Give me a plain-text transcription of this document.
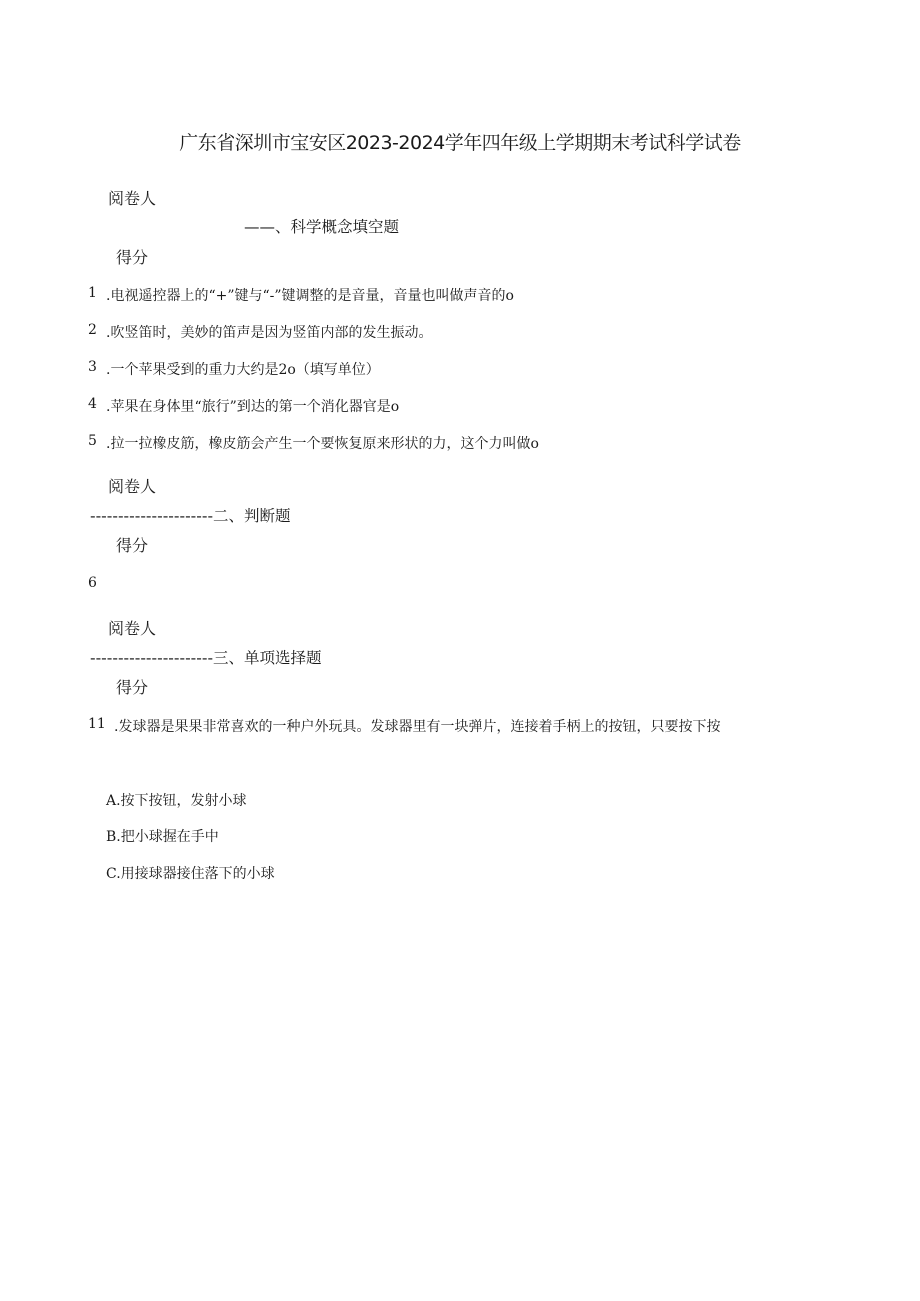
广东省深圳市宝安区2023-2024学年四年级上学期期末考试科学试卷
阅卷人
——、科学概念填空题
得分
1 .电视遥控器上的“+”键与“-”键调整的是音量，音量也叫做声音的o
2 .吹竖笛时，美妙的笛声是因为竖笛内部的发生振动。
3 .一个苹果受到的重力大约是2o（填写单位）
4 .苹果在身体里“旅行”到达的第一个消化器官是o
5 .拉一拉橡皮筋，橡皮筋会产生一个要恢复原来形状的力，这个力叫做o
阅卷人
----------------------二、判断题
得分
6
阅卷人
----------------------三、单项选择题
得分
11 .发球器是果果非常喜欢的一种户外玩具。发球器里有一块弹片，连接着手柄上的按钮，只要按下按
A.按下按钮，发射小球
B.把小球握在手中
C.用接球器接住落下的小球
